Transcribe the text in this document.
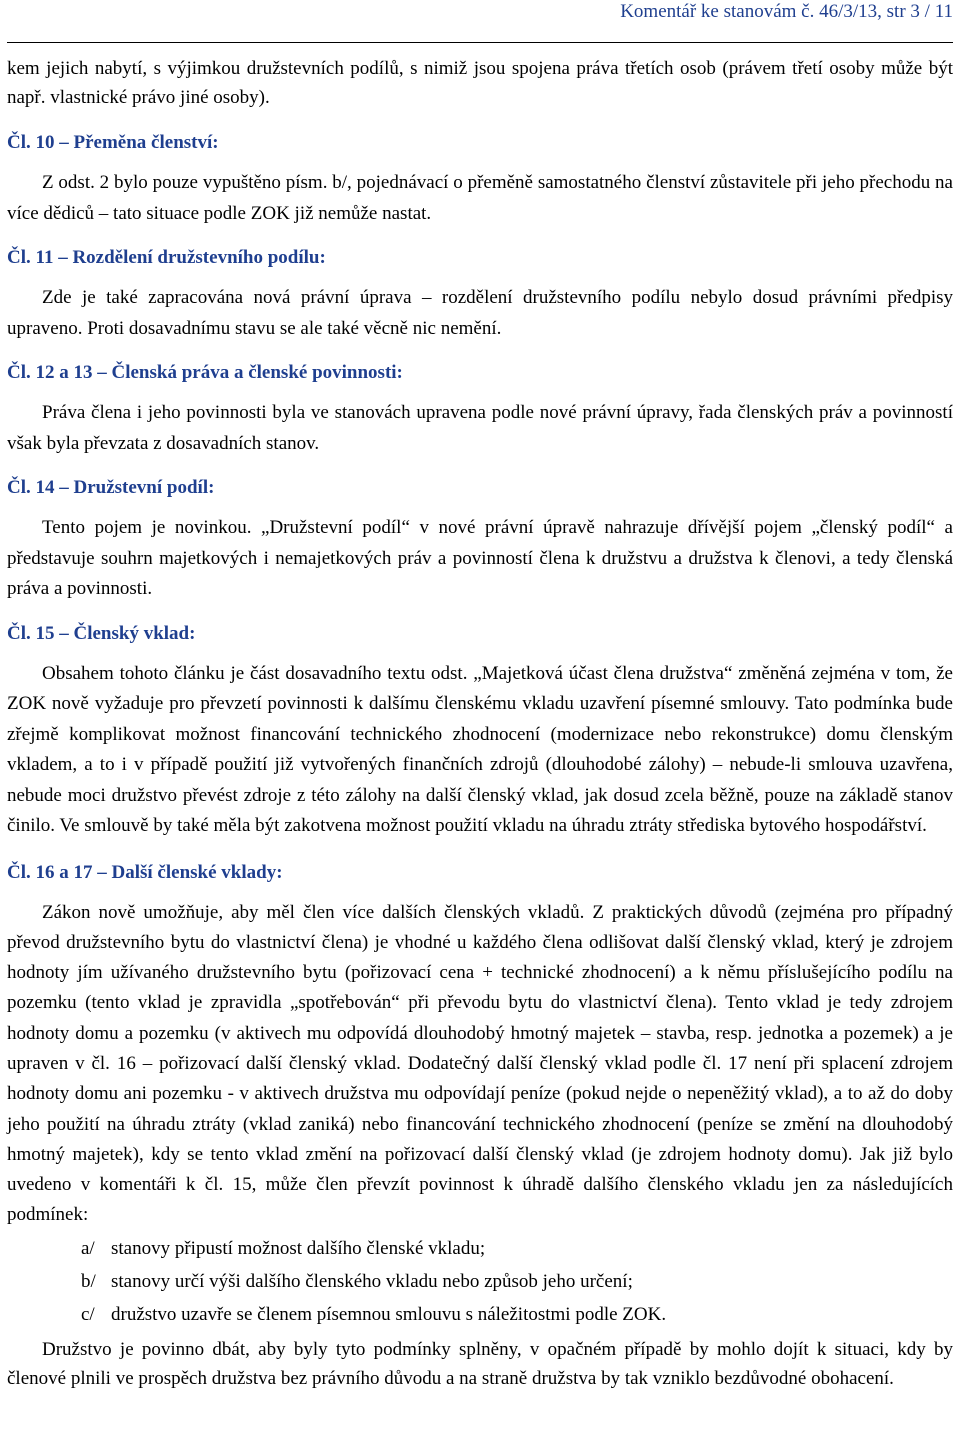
Komentář ke stanovám č. 46/3/13, str 3 / 11

kem jejich nabytí, s výjimkou družstevních podílů, s nimiž jsou spojena práva třetích osob (právem třetí osoby může být např. vlastnické právo jiné osoby).

Čl. 10 – Přeměna členství:

Z odst. 2 bylo pouze vypuštěno písm. b/, pojednávací o přeměně samostatného členství zůstavitele při jeho přechodu na více dědiců – tato situace podle ZOK již nemůže nastat.

Čl. 11 – Rozdělení družstevního podílu:

Zde je také zapracována nová právní úprava – rozdělení družstevního podílu nebylo dosud právními předpisy upraveno. Proti dosavadnímu stavu se ale také věcně nic nemění.

Čl. 12 a 13 – Členská práva a členské povinnosti:

Práva člena i jeho povinnosti byla ve stanovách upravena podle nové právní úpravy, řada členských práv a povinností však byla převzata z dosavadních stanov.

Čl. 14 – Družstevní podíl:

Tento pojem je novinkou. „Družstevní podíl“ v nové právní úpravě nahrazuje dřívější pojem „členský podíl“ a představuje souhrn majetkových i nemajetkových práv a povinností člena k družstvu a družstva k členovi, a tedy členská práva a povinnosti.

Čl. 15 – Členský vklad:

Obsahem tohoto článku je část dosavadního textu odst. „Majetková účast člena družstva“ změněná zejména v tom, že ZOK nově vyžaduje pro převzetí povinnosti k dalšímu členskému vkladu uzavření písemné smlouvy. Tato podmínka bude zřejmě komplikovat možnost financování technického zhodnocení (modernizace nebo rekonstrukce) domu členským vkladem, a to i v případě použití již vytvořených finančních zdrojů (dlouhodobé zálohy) – nebude-li smlouva uzavřena, nebude moci družstvo převést zdroje z této zálohy na další členský vklad, jak dosud zcela běžně, pouze na základě stanov činilo. Ve smlouvě by také měla být zakotvena možnost použití vkladu na úhradu ztráty střediska bytového hospodářství.

Čl. 16 a 17 – Další členské vklady:

Zákon nově umožňuje, aby měl člen více dalších členských vkladů. Z praktických důvodů (zejména pro případný převod družstevního bytu do vlastnictví člena) je vhodné u každého člena odlišovat další členský vklad, který je zdrojem hodnoty jím užívaného družstevního bytu (pořizovací cena + technické zhodnocení) a k němu příslušejícího podílu na pozemku (tento vklad je zpravidla „spotřebován“ při převodu bytu do vlastnictví člena). Tento vklad je tedy zdrojem hodnoty domu a pozemku (v aktivech mu odpovídá dlouhodobý hmotný majetek – stavba, resp. jednotka a pozemek) a je upraven v čl. 16 – pořizovací další členský vklad. Dodatečný další členský vklad podle čl. 17 není při splacení zdrojem hodnoty domu ani pozemku - v aktivech družstva mu odpovídají peníze (pokud nejde o nepeněžitý vklad), a to až do doby jeho použití na úhradu ztráty (vklad zaniká) nebo financování technického zhodnocení (peníze se změní na dlouhodobý hmotný majetek), kdy se tento vklad změní na pořizovací další členský vklad (je zdrojem hodnoty domu). Jak již bylo uvedeno v komentáři k čl. 15, může člen převzít povinnost k úhradě dalšího členského vkladu jen za následujících podmínek:

a/ stanovy připustí možnost dalšího členské vkladu;
b/ stanovy určí výši dalšího členského vkladu nebo způsob jeho určení;
c/ družstvo uzavře se členem písemnou smlouvu s náležitostmi podle ZOK.

Družstvo je povinno dbát, aby byly tyto podmínky splněny, v opačném případě by mohlo dojít k situaci, kdy by členové plnili ve prospěch družstva bez právního důvodu a na straně družstva by tak vzniklo bezdůvodné obohacení.
